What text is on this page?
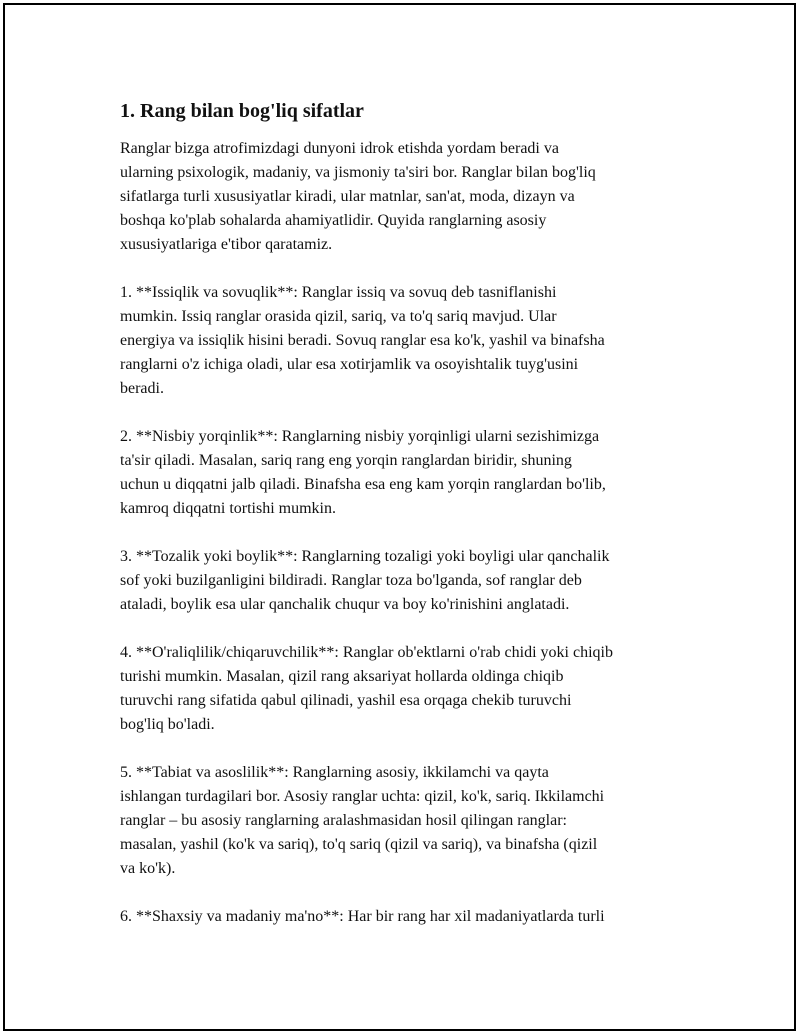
1. Rang bilan bog'liq sifatlar

Ranglar bizga atrofimizdagi dunyoni idrok etishda yordam beradi va
ularning psixologik, madaniy, va jismoniy ta'siri bor. Ranglar bilan bog'liq
sifatlarga turli xususiyatlar kiradi, ular matnlar, san'at, moda, dizayn va
boshqa ko'plab sohalarda ahamiyatlidir. Quyida ranglarning asosiy
xususiyatlariga e'tibor qaratamiz.

1. **Issiqlik va sovuqlik**: Ranglar issiq va sovuq deb tasniflanishi
mumkin. Issiq ranglar orasida qizil, sariq, va to'q sariq mavjud. Ular
energiya va issiqlik hisini beradi. Sovuq ranglar esa ko'k, yashil va binafsha
ranglarni o'z ichiga oladi, ular esa xotirjamlik va osoyishtalik tuyg'usini
beradi.

2. **Nisbiy yorqinlik**: Ranglarning nisbiy yorqinligi ularni sezishimizga
ta'sir qiladi. Masalan, sariq rang eng yorqin ranglardan biridir, shuning
uchun u diqqatni jalb qiladi. Binafsha esa eng kam yorqin ranglardan bo'lib,
kamroq diqqatni tortishi mumkin.

3. **Tozalik yoki boylik**: Ranglarning tozaligi yoki boyligi ular qanchalik
sof yoki buzilganligini bildiradi. Ranglar toza bo'lganda, sof ranglar deb
ataladi, boylik esa ular qanchalik chuqur va boy ko'rinishini anglatadi.

4. **O'raliqlilik/chiqaruvchilik**: Ranglar ob'ektlarni o'rab chidi yoki chiqib
turishi mumkin. Masalan, qizil rang aksariyat hollarda oldinga chiqib
turuvchi rang sifatida qabul qilinadi, yashil esa orqaga chekib turuvchi
bog'liq bo'ladi.

5. **Tabiat va asoslilik**: Ranglarning asosiy, ikkilamchi va qayta
ishlangan turdagilari bor. Asosiy ranglar uchta: qizil, ko'k, sariq. Ikkilamchi
ranglar – bu asosiy ranglarning aralashmasidan hosil qilingan ranglar:
masalan, yashil (ko'k va sariq), to'q sariq (qizil va sariq), va binafsha (qizil
va ko'k).

6. **Shaxsiy va madaniy ma'no**: Har bir rang har xil madaniyatlarda turli
